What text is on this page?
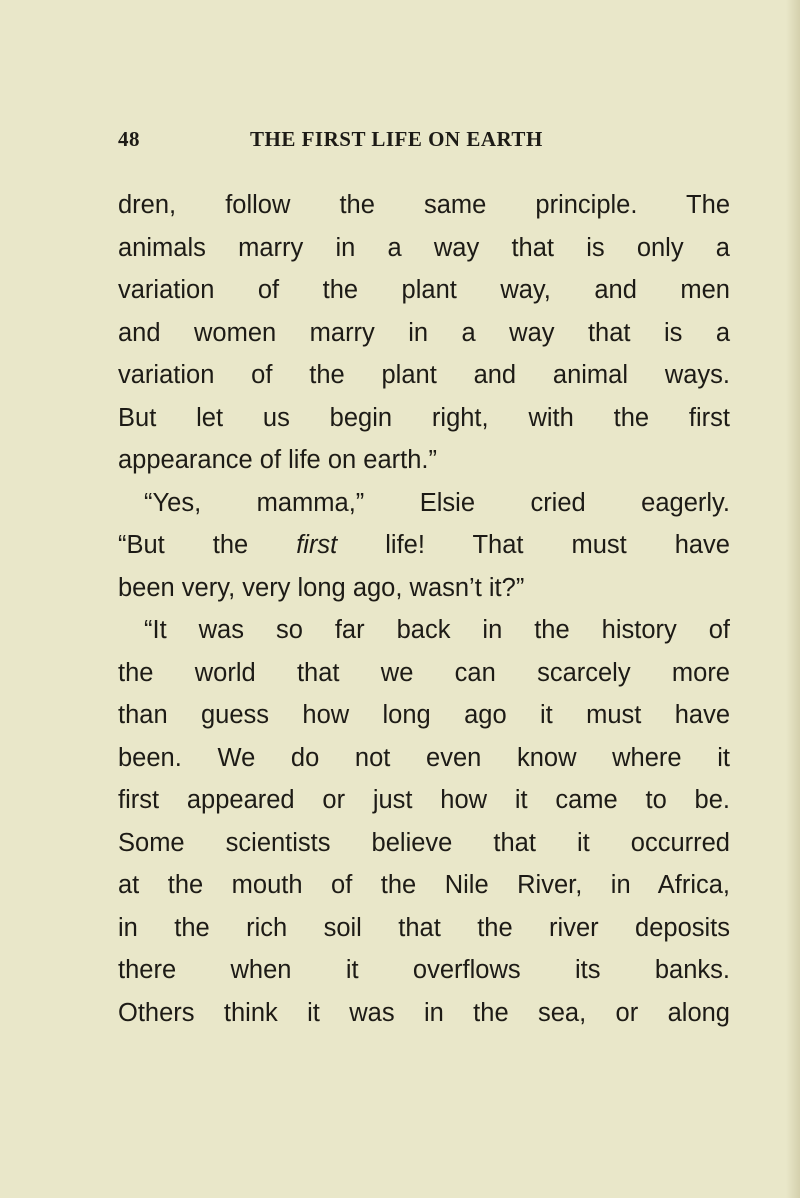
48	THE FIRST LIFE ON EARTH
dren, follow the same principle. The
animals marry in a way that is only a
variation of the plant way, and men
and women marry in a way that is a
variation of the plant and animal ways.
But let us begin right, with the first
appearance of life on earth.”
“Yes, mamma,” Elsie cried eagerly.
“But the first life! That must have
been very, very long ago, wasn’t it?”
“It was so far back in the history of
the world that we can scarcely more
than guess how long ago it must have
been. We do not even know where it
first appeared or just how it came to be.
Some scientists believe that it occurred
at the mouth of the Nile River, in Africa,
in the rich soil that the river deposits
there when it overflows its banks.
Others think it was in the sea, or along
